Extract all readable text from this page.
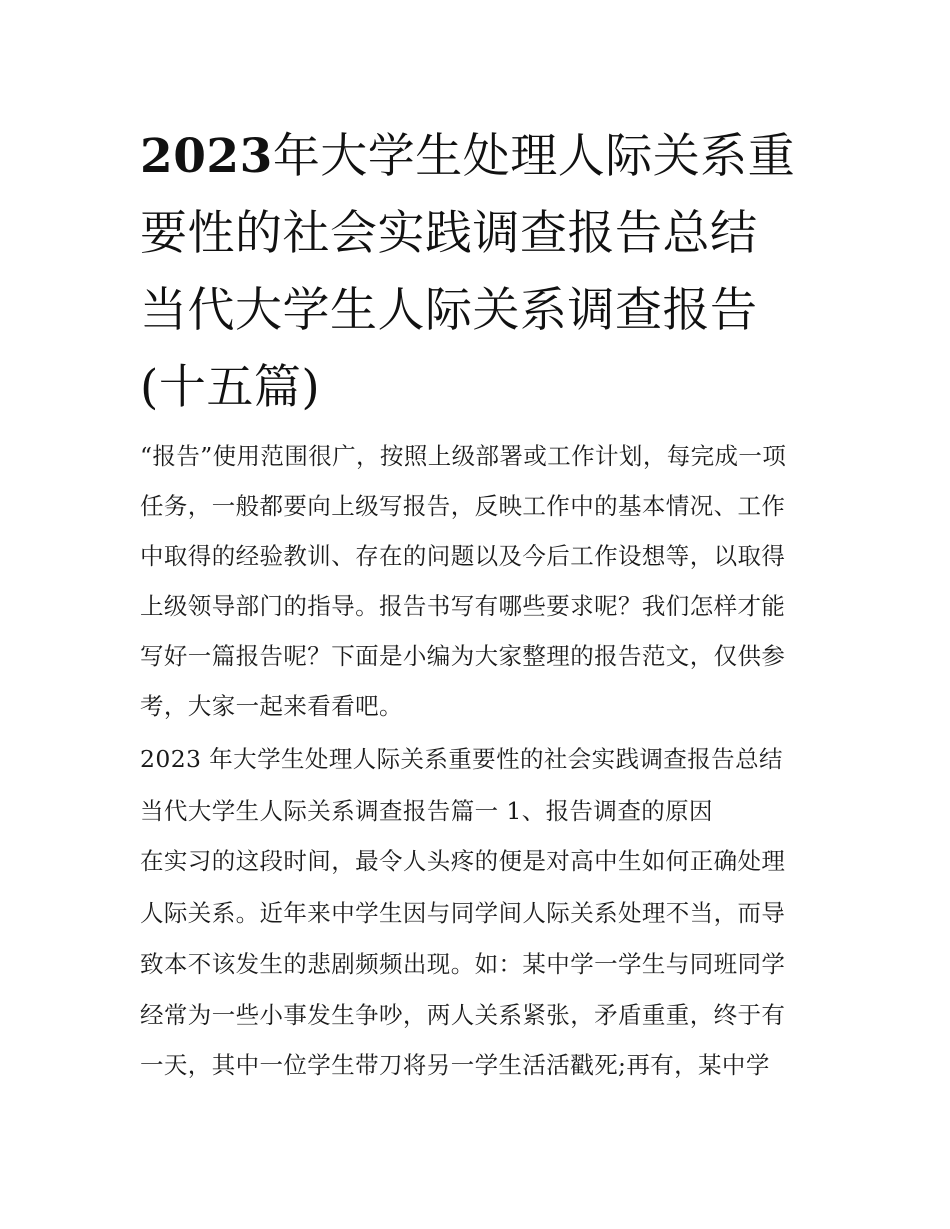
2023年大学生处理人际关系重
要性的社会实践调查报告总结
当代大学生人际关系调查报告
(十五篇)
“报告”使用范围很广，按照上级部署或工作计划，每完成一项
任务，一般都要向上级写报告，反映工作中的基本情况、工作
中取得的经验教训、存在的问题以及今后工作设想等，以取得
上级领导部门的指导。报告书写有哪些要求呢？我们怎样才能
写好一篇报告呢？下面是小编为大家整理的报告范文，仅供参
考，大家一起来看看吧。
2023 年大学生处理人际关系重要性的社会实践调查报告总结
当代大学生人际关系调查报告篇一 1、报告调查的原因
在实习的这段时间，最令人头疼的便是对高中生如何正确处理
人际关系。近年来中学生因与同学间人际关系处理不当，而导
致本不该发生的悲剧频频出现。如：某中学一学生与同班同学
经常为一些小事发生争吵，两人关系紧张，矛盾重重，终于有
一天，其中一位学生带刀将另一学生活活戳死;再有，某中学
